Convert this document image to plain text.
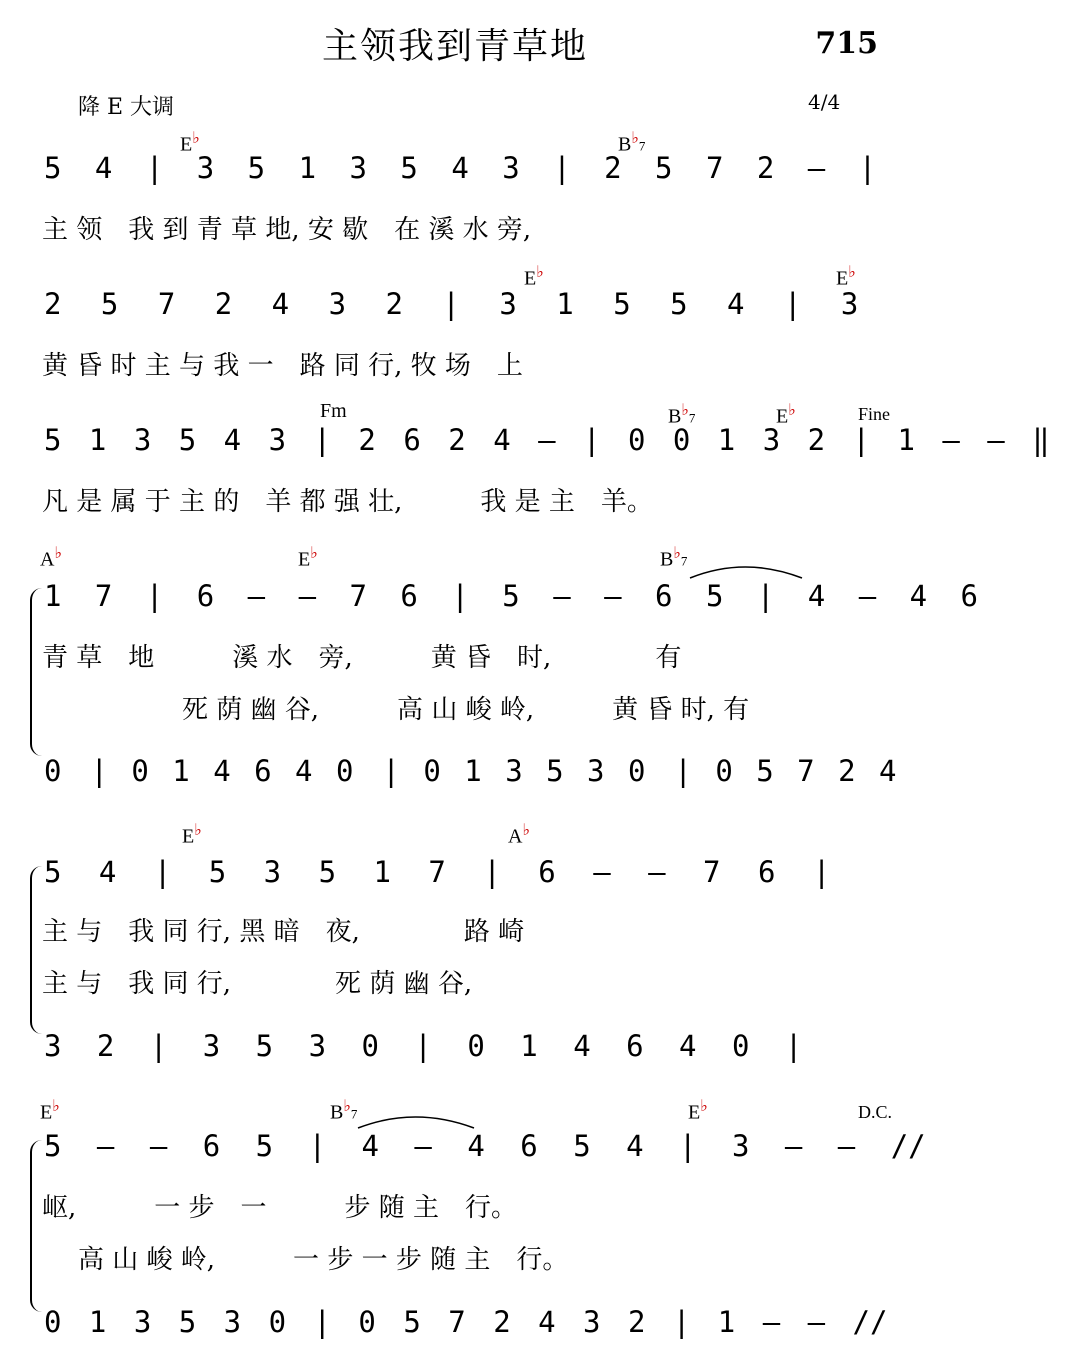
主领我到青草地	715
降 E 大调	4/4
E♭	B♭7
E♭	E♭
Fm	B♭7	E♭	Fine
A♭	E♭	B♭7
E♭	A♭
E♭	B♭7	E♭	D.C.
5 4 | 3 5 1 3 5 4 3 | 2 5 7 2 – |
主 领　我 到 青 草 地, 安 歇　在 溪 水 旁,
2 5 7 2 4 3 2 | 3 1 5 5 4 | 3
黄 昏 时 主 与 我 一　路 同 行, 牧 场　上
5 1 3 5 4 3 | 2 6 2 4 – | 0 0 1 3 2 | 1 – – ‖
凡 是 属 于 主 的　羊 都 强 壮,　　　我 是 主　羊。
1 7 | 6 – – 7 6 | 5 – – 6 5 | 4 – 4 6
青 草　地　　　溪 水　旁,　　　黄 昏　时,　　　　有
死 荫 幽 谷,　　　高 山 峻 岭,　　　黄 昏 时, 有
0　| 0 1 4 6 4 0　| 0 1 3 5 3 0　| 0 5 7 2 4
5 4 | 5 3 5 1 7 | 6 – – 7 6 |
主 与　我 同 行, 黑 暗　夜,　　　　路 崎
主 与　我 同 行,　　　　死 荫 幽 谷,
3 2 | 3 5 3 0 | 0 1 4 6 4 0 |
5 – – 6 5 | 4 – 4 6 5 4 | 3 – – //
岖,　　　一 步　一　　　步 随 主　行。
高 山 峻 岭,　　　一 步 一 步 随 主　行。
0 1 3 5 3 0 | 0 5 7 2 4 3 2 | 1 – – //
